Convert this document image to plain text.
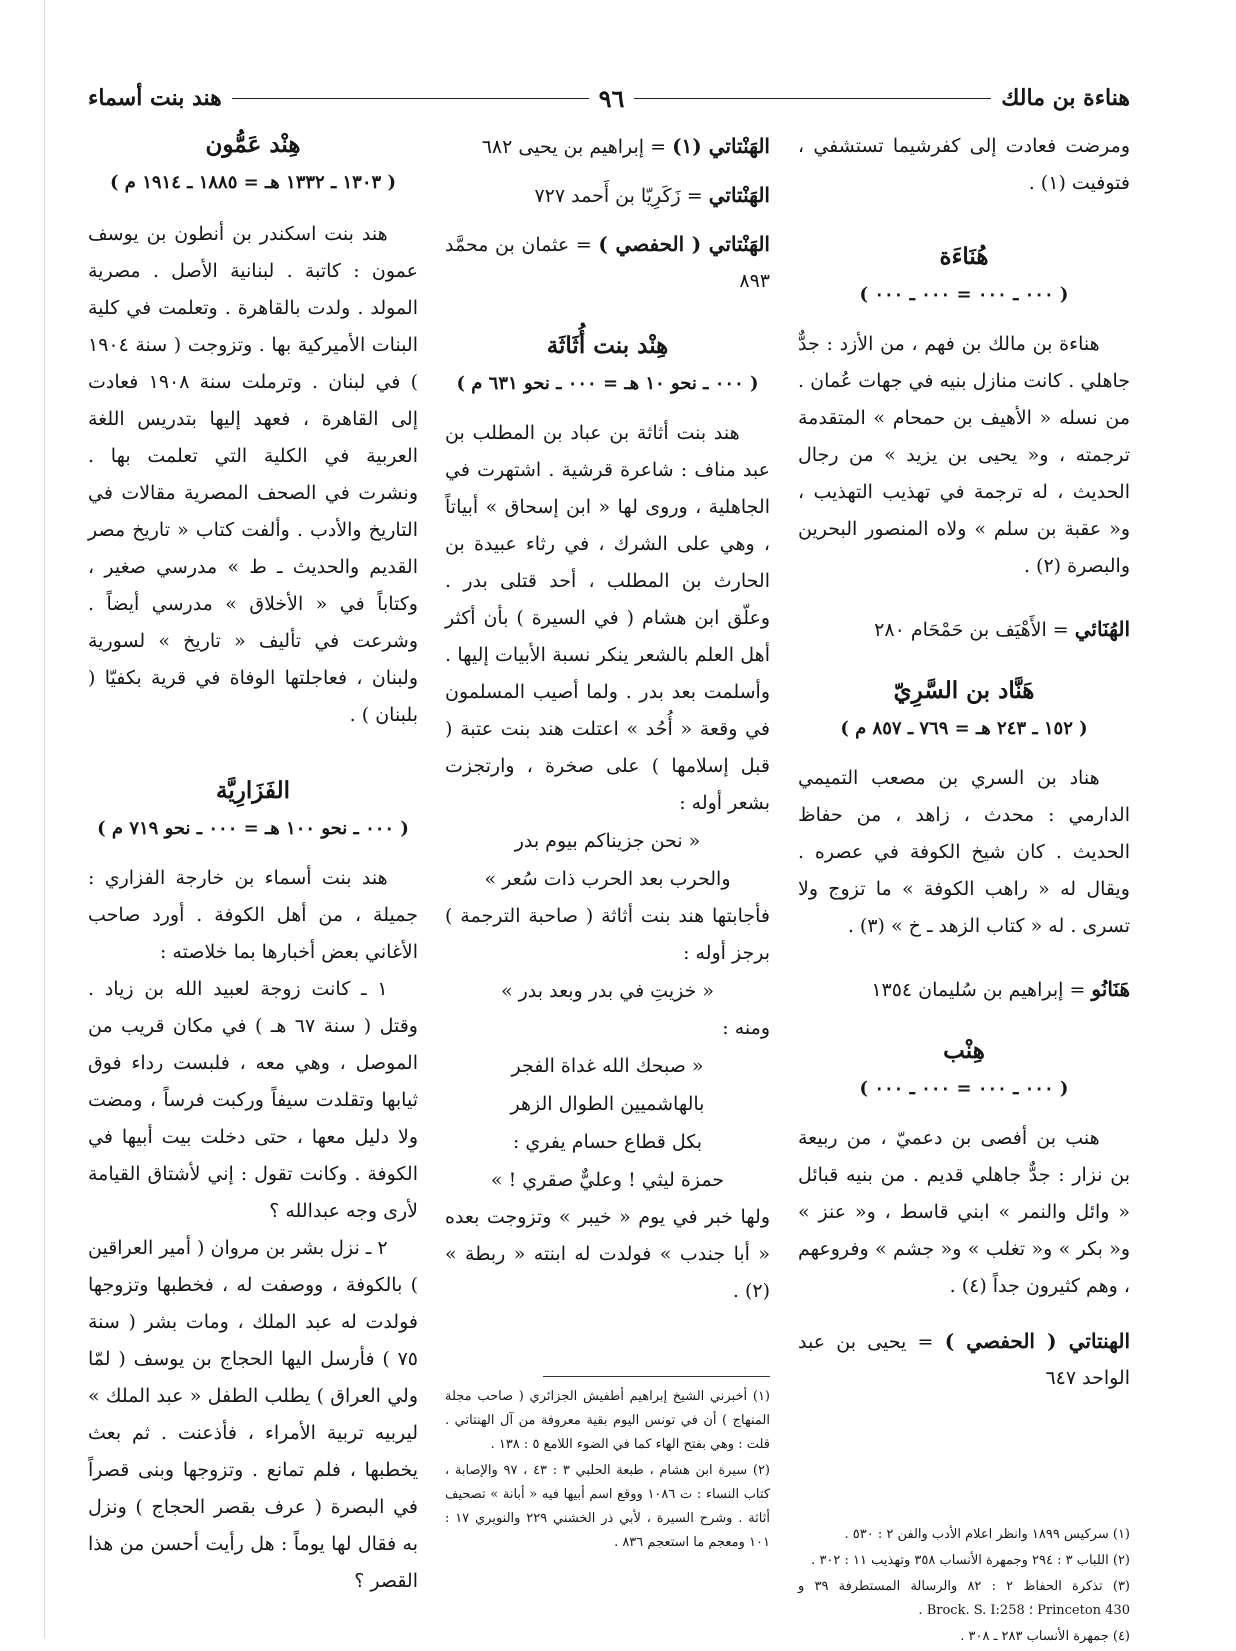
هناءة بن مالك
٩٦
هند بنت أسماء

ومرضت فعادت إلى كفرشيما تستشفي ، فتوفيت (١) .

هُنَاءَة
( ٠٠٠ ـ ٠٠٠ = ٠٠٠ ـ ٠٠٠ )

هناءة بن مالك بن فهم ، من الأزد : جدٌّ جاهلي . كانت منازل بنيه في جهات عُمان . من نسله « الأهيف بن حمحام » المتقدمة ترجمته ، و« يحيى بن يزيد » من رجال الحديث ، له ترجمة في تهذيب التهذيب ، و« عقبة بن سلم » ولاه المنصور البحرين والبصرة (٢) .

الهُنَائي = الأَهْيَف بن حَمْحَام ٢٨٠
هَنَّاد بن السَّرِيّ
( ١٥٢ ـ ٢٤٣ هـ = ٧٦٩ ـ ٨٥٧ م )

هناد بن السري بن مصعب التميمي الدارمي : محدث ، زاهد ، من حفاظ الحديث . كان شيخ الكوفة في عصره . ويقال له « راهب الكوفة » ما تزوج ولا تسرى . له « كتاب الزهد ـ خ » (٣) .

هَنَانُو = إبراهيم بن سُليمان ١٣٥٤
هِنْب
( ٠٠٠ ـ ٠٠٠ = ٠٠٠ ـ ٠٠٠ )

هنب بن أفصى بن دعميّ ، من ربيعة بن نزار : جدٌّ جاهلي قديم . من بنيه قبائل « وائل والنمر » ابني قاسط ، و« عنز » و« بكر » و« تغلب » و« جشم » وفروعهم ، وهم كثيرون جداً (٤) .

الهنتاتي ( الحفصي ) = يحيى بن عبد الواحد ٦٤٧

(١) سركيس ١٨٩٩ وانظر اعلام الأدب والفن ٢ : ٥٣٠ .

(٢) اللباب ٣ : ٢٩٤ وجمهرة الأنساب ٣٥٨ وتهذيب ١١ : ٣٠٢ .

(٣) تذكرة الحفاظ ٢ : ٨٢ والرسالة المستطرفة ٣٩ و Princeton 430 ؛ Brock. S. I:258 .

(٤) جمهرة الأنساب ٢٨٣ ـ ٣٠٨ .

الهَنْتاتي (١) = إبراهيم بن يحيى ٦٨٢
الهَنْتاتي = زَكَرِيّا بن أَحمد ٧٢٧
الهَنْتاتي ( الحفصي ) = عثمان بن محمَّد ٨٩٣
هِنْد بنت أُثَاثَة
( ٠٠٠ ـ نحو ١٠ هـ = ٠٠٠ ـ نحو ٦٣١ م )

هند بنت أثاثة بن عباد بن المطلب بن عبد مناف : شاعرة قرشية . اشتهرت في الجاهلية ، وروى لها « ابن إسحاق » أبياتاً ، وهي على الشرك ، في رثاء عبيدة بن الحارث بن المطلب ، أحد قتلى بدر . وعلّق ابن هشام ( في السيرة ) بأن أكثر أهل العلم بالشعر ينكر نسبة الأبيات إليها . وأسلمت بعد بدر . ولما أصيب المسلمون في وقعة « أُحُد » اعتلت هند بنت عتبة ( قبل إسلامها ) على صخرة ، وارتجزت بشعر أوله :

« نحن جزيناكم بيوم بدر

والحرب بعد الحرب ذات سُعر »

فأجابتها هند بنت أثاثة ( صاحبة الترجمة ) برجز أوله :

« خزيتِ في بدر وبعد بدر »

ومنه :

« صبحك الله غداة الفجر

بالهاشميين الطوال الزهر

بكل قطاع حسام يفري :

حمزة ليثي ! وعليٌّ صقري ! »

ولها خبر في يوم « خيبر » وتزوجت بعده « أبا جندب » فولدت له ابنته « ربطة » (٢) .

(١) أخبرني الشيخ إبراهيم أطفيش الجزائري ( صاحب مجلة المنهاج ) أن في تونس اليوم بقية معروفة من آل الهنتاتي . قلت : وهي بفتح الهاء كما في الضوء اللامع ٥ : ١٣٨ .

(٢) سيرة ابن هشام ، طبعة الحلبي ٣ : ٤٣ ، ٩٧ والإصابة ، كتاب النساء : ت ١٠٨٦ ووقع اسم أبيها فيه « أبانة » تصحيف أثاثة . وشرح السيرة ، لأبي ذر الخشني ٢٢٩ والنويري ١٧ : ١٠١ ومعجم ما استعجم ٨٣٦ .

هِنْد عَمُّون
( ١٣٠٣ ـ ١٣٣٢ هـ = ١٨٨٥ ـ ١٩١٤ م )

هند بنت اسكندر بن أنطون بن يوسف عمون : كاتبة . لبنانية الأصل . مصرية المولد . ولدت بالقاهرة . وتعلمت في كلية البنات الأميركية بها . وتزوجت ( سنة ١٩٠٤ ) في لبنان . وترملت سنة ١٩٠٨ فعادت إلى القاهرة ، فعهد إليها بتدريس اللغة العربية في الكلية التي تعلمت بها . ونشرت في الصحف المصرية مقالات في التاريخ والأدب . وألفت كتاب « تاريخ مصر القديم والحديث ـ ط » مدرسي صغير ، وكتاباً في « الأخلاق » مدرسي أيضاً . وشرعت في تأليف « تاريخ » لسورية ولبنان ، فعاجلتها الوفاة في قرية بكفيّا ( بلبنان ) .

الفَزَارِيَّة
( ٠٠٠ ـ نحو ١٠٠ هـ = ٠٠٠ ـ نحو ٧١٩ م )

هند بنت أسماء بن خارجة الفزاري : جميلة ، من أهل الكوفة . أورد صاحب الأغاني بعض أخبارها بما خلاصته :

١ ـ كانت زوجة لعبيد الله بن زياد . وقتل ( سنة ٦٧ هـ ) في مكان قريب من الموصل ، وهي معه ، فلبست رداء فوق ثيابها وتقلدت سيفاً وركبت فرساً ، ومضت ولا دليل معها ، حتى دخلت بيت أبيها في الكوفة . وكانت تقول : إني لأشتاق القيامة لأرى وجه عبدالله ؟

٢ ـ نزل بشر بن مروان ( أمير العراقين ) بالكوفة ، ووصفت له ، فخطبها وتزوجها فولدت له عبد الملك ، ومات بشر ( سنة ٧٥ ) فأرسل اليها الحجاج بن يوسف ( لمّا ولي العراق ) يطلب الطفل « عبد الملك » ليربيه تربية الأمراء ، فأذعنت . ثم بعث يخطبها ، فلم تمانع . وتزوجها وبنى قصراً في البصرة ( عرف بقصر الحجاج ) ونزل به فقال لها يوماً : هل رأيت أحسن من هذا القصر ؟
